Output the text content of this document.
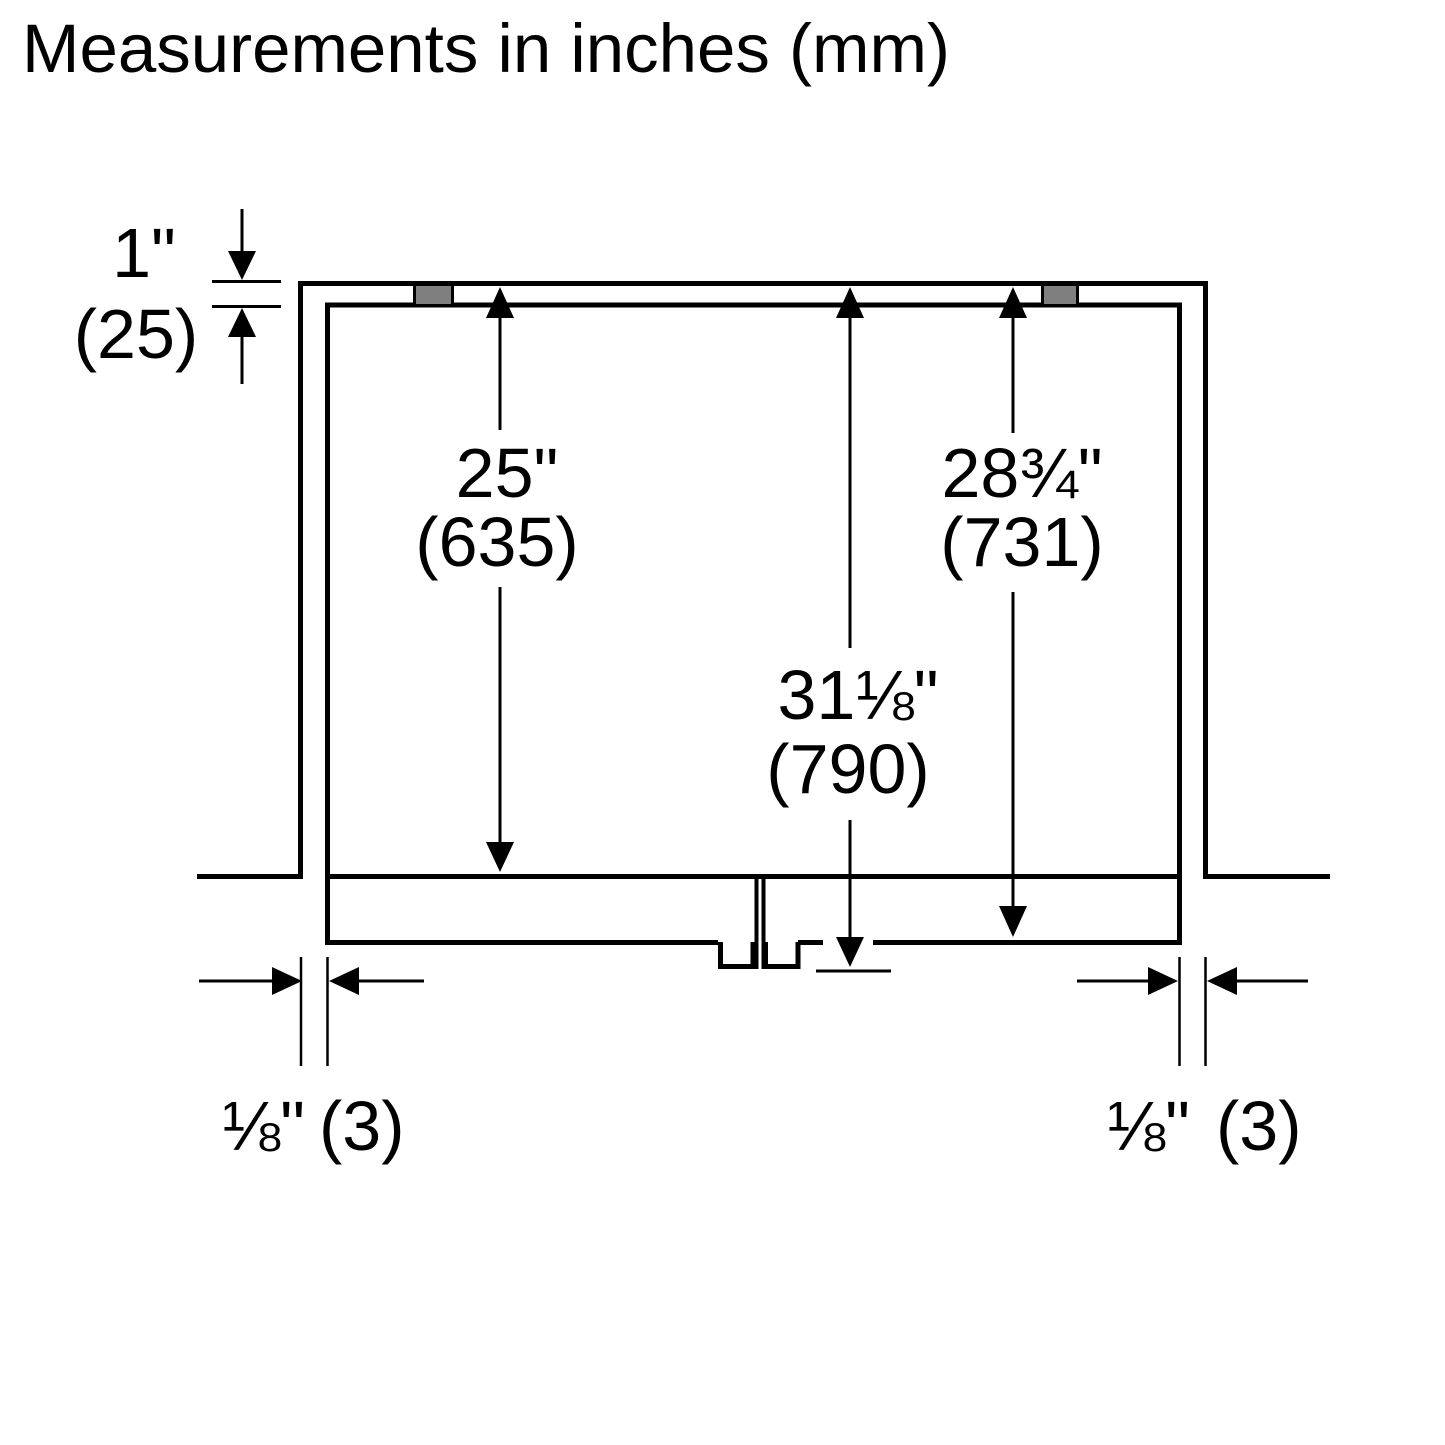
Measurements in inches (mm)
1"
(25)
25"
(635)
28¾"
(731)
31⅛"
(790)
⅛" (3)	⅛" (3)
